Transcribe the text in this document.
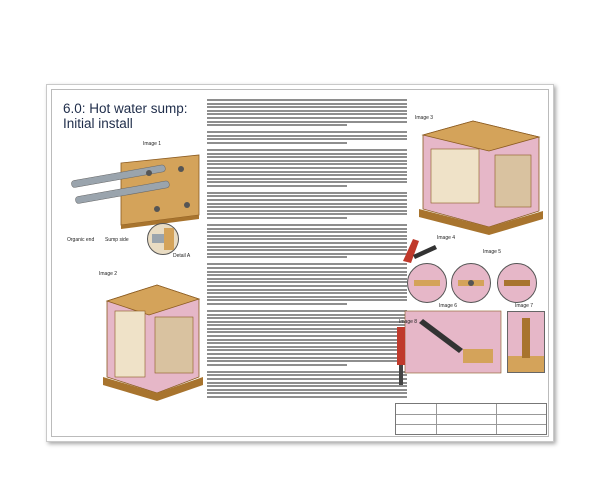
6.0: Hot water sump:
Initial install
Image 1
Organic end Sump side
Detail A
Image 2
Image 3
Image 4
Image 5
Image 6	Image 7
Image 8
